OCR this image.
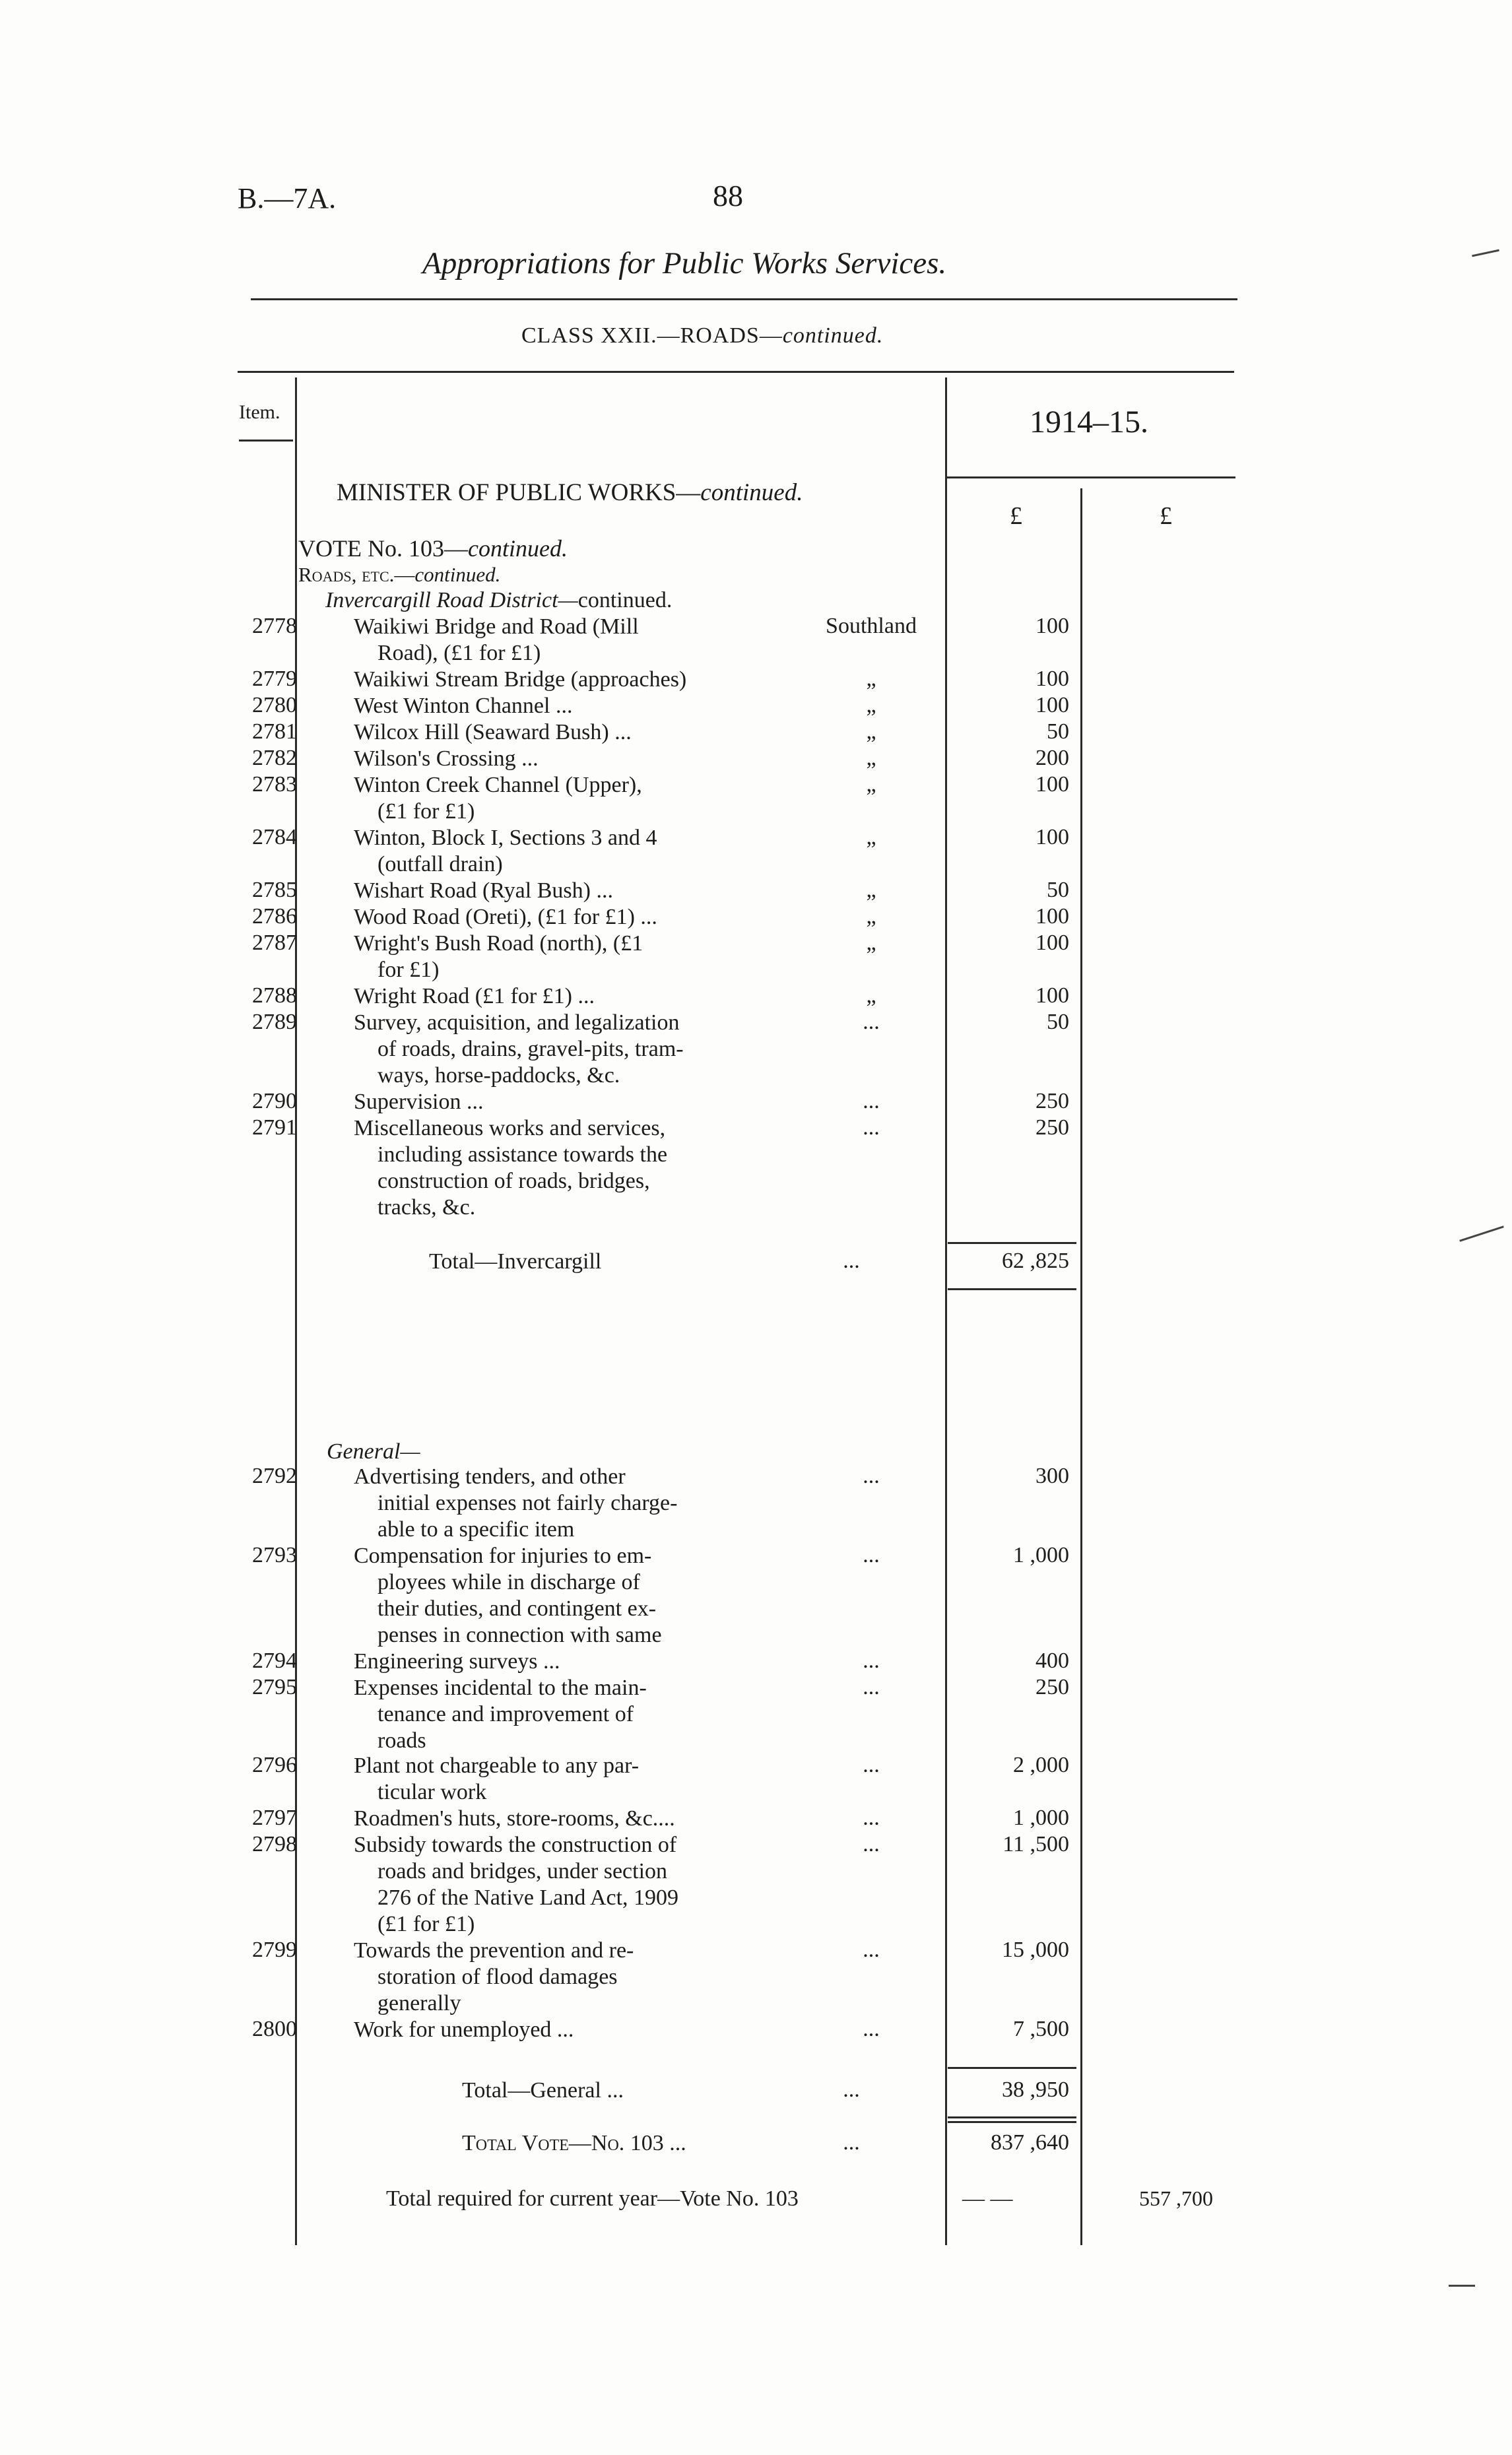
B.—7A.	88
Appropriations for Public Works Services.
CLASS XXII.—ROADS—continued.
Item.	1914–15.
£	£
MINISTER OF PUBLIC WORKS—continued.
VOTE No. 103—continued.
Roads, etc.—continued.
Invercargill Road District—continued.
2778	Waikiwi Bridge and Road (Mill
Road), (£1 for £1)
Southland	100
2779	Waikiwi Stream Bridge (approaches)	„	100
2780	West Winton Channel ...	„	100
2781	Wilcox Hill (Seaward Bush) ...	„	50
2782	Wilson's Crossing ...	„	200
2783	Winton Creek Channel (Upper),
(£1 for £1)
„	100
2784	Winton, Block I, Sections 3 and 4
(outfall drain)
„	100
2785	Wishart Road (Ryal Bush) ...	„	50
2786	Wood Road (Oreti), (£1 for £1) ...	„	100
2787	Wright's Bush Road (north), (£1
for £1)
„	100
2788	Wright Road (£1 for £1) ...	„	100
2789	Survey, acquisition, and legalization
of roads, drains, gravel-pits, tram-
ways, horse-paddocks, &c.
...	50
2790	Supervision ...	...	250
2791	Miscellaneous works and services,
including assistance towards the
construction of roads, bridges,
tracks, &c.
...	250
Total—Invercargill	...	62 ,825
General—
2792	Advertising tenders, and other
initial expenses not fairly charge-
able to a specific item
...	300
2793	Compensation for injuries to em-
ployees while in discharge of
their duties, and contingent ex-
penses in connection with same
...	1 ,000
2794	Engineering surveys ...	...	400
2795	Expenses incidental to the main-
tenance and improvement of
roads
...	250
2796	Plant not chargeable to any par-
ticular work
...	2 ,000
2797	Roadmen's huts, store-rooms, &c....	...	1 ,000
2798	Subsidy towards the construction of
roads and bridges, under section
276 of the Native Land Act, 1909
(£1 for £1)
...	11 ,500
2799	Towards the prevention and re-
storation of flood damages
generally
...	15 ,000
2800	Work for unemployed ...	...	7 ,500
Total—General ...	...	38 ,950
Total Vote—No. 103 ...	...	837 ,640
Total required for current year—Vote No. 103	— —	557 ,700
